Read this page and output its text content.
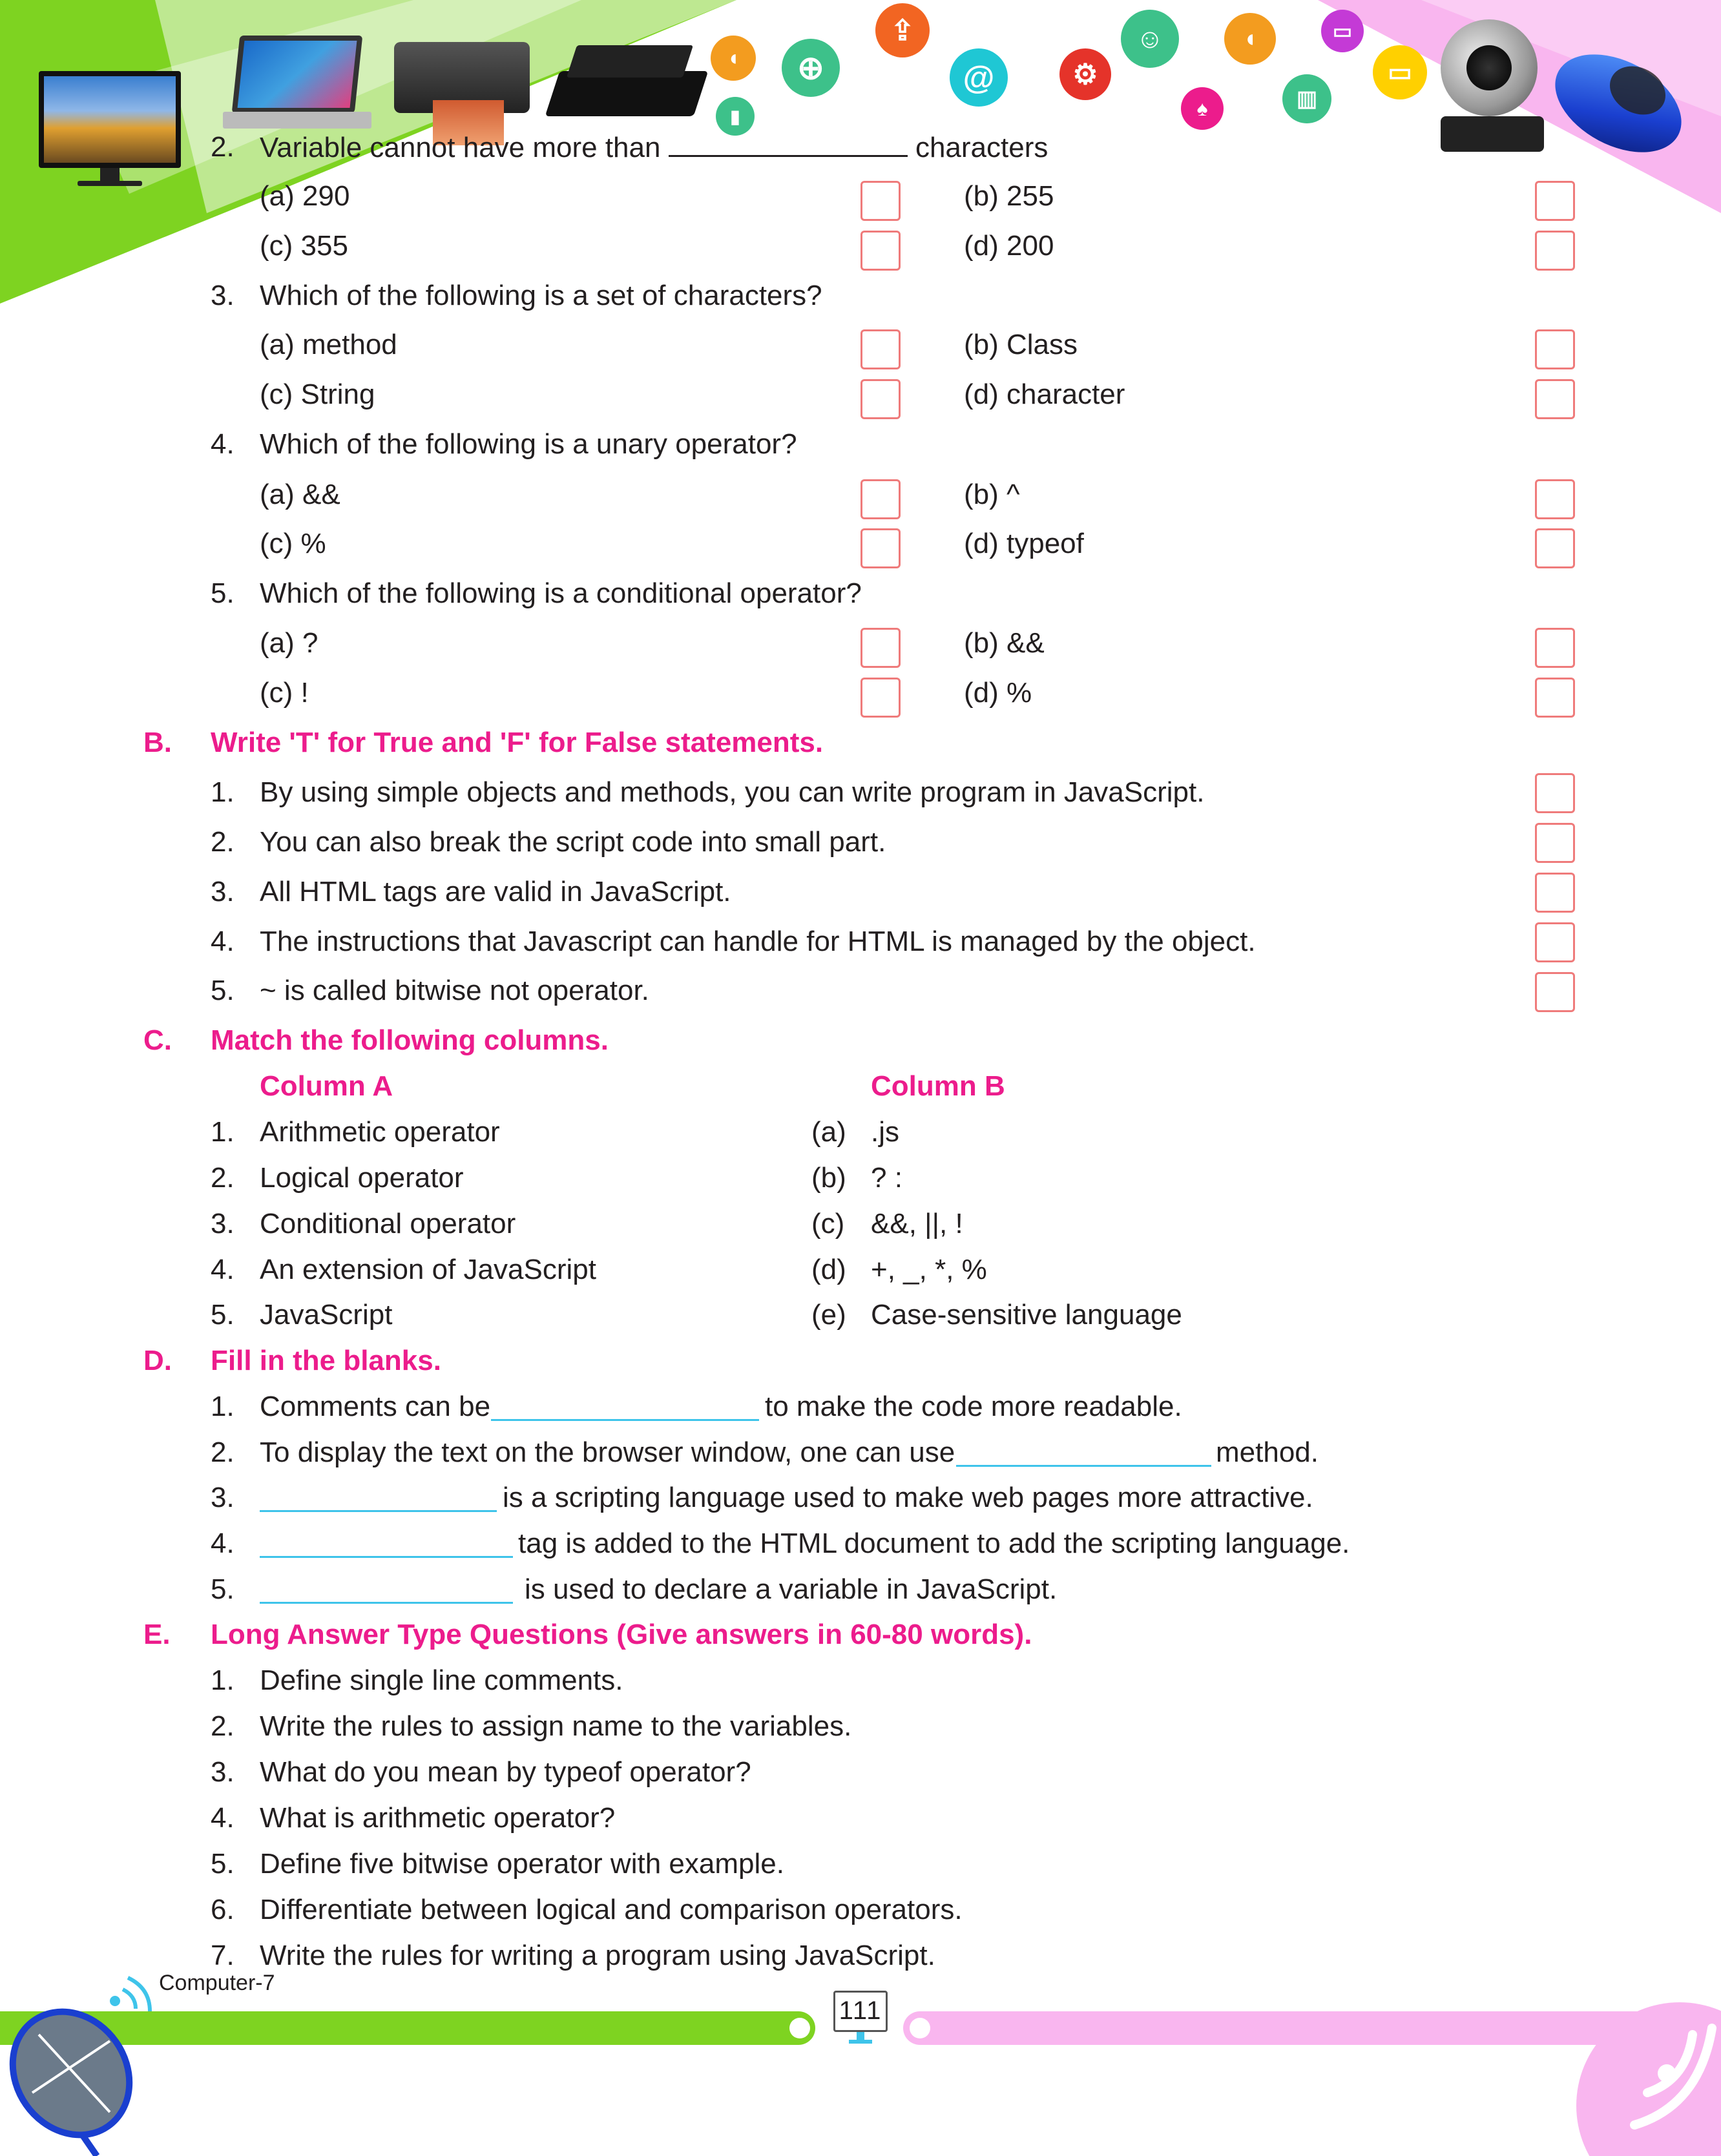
◖
▮
⊕
⇪
@	⚙
☺
♠
◖
▥
▭
▭
2. Variable cannot have more than	characters
(a) 290	(b) 255
(c) 355	(d) 200
3. Which of the following is a set of characters?
(a) method	(b) Class
(c) String	(d) character
4. Which of the following is a unary operator?
(a) &&	(b) ^
(c) %	(d) typeof
5. Which of the following is a conditional operator?
(a) ?	(b) &&
(c) !	(d) %
B. Write 'T' for True and 'F' for False statements.
1. By using simple objects and methods, you can write program in JavaScript.
2. You can also break the script code into small part.
3. All HTML tags are valid in JavaScript.
4. The instructions that Javascript can handle for HTML is managed by the object.
5. ~ is called bitwise not operator.
C. Match the following columns.
Column A	Column B
1. Arithmetic operator	(a) .js
2. Logical operator	(b) ? :
3. Conditional operator	(c) &&, ||, !
4. An extension of JavaScript	(d) +, _, *, %
5. JavaScript	(e) Case-sensitive language
D. Fill in the blanks.
1. Comments can be	to make the code more readable.
2. To display the text on the browser window, one can use	method.
3.	is a scripting language used to make web pages more attractive.
4.	tag is added to the HTML document to add the scripting language.
5.	is used to declare a variable in JavaScript.
E. Long Answer Type Questions (Give answers in 60-80 words).
1. Define single line comments.
2. Write the rules to assign name to the variables.
3. What do you mean by typeof operator?
4. What is arithmetic operator?
5. Define five bitwise operator with example.
6. Differentiate between logical and comparison operators.
7. Write the rules for writing a program using JavaScript.
111
Computer-7
